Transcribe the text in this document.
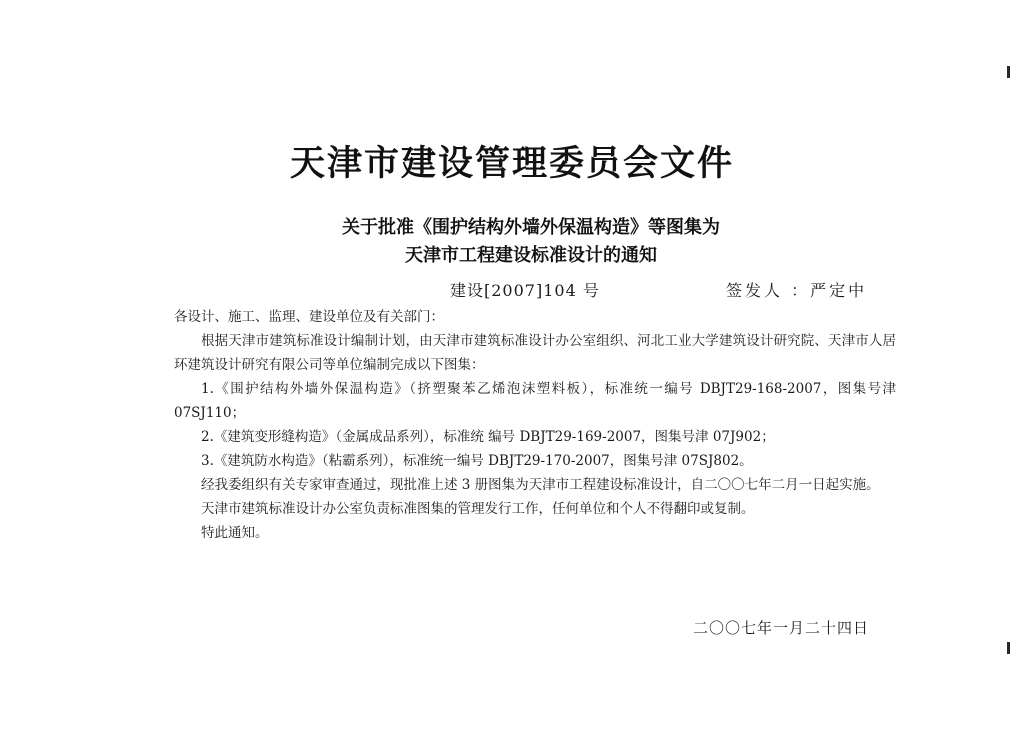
天津市建设管理委员会文件
关于批准《围护结构外墙外保温构造》等图集为
天津市工程建设标准设计的通知
建设[2007]104 号	签发人 ：严定中

各设计、施工、监理、建设单位及有关部门：

根据天津市建筑标准设计编制计划，由天津市建筑标准设计办公室组织、河北工业大学建筑设计研究院、天津市人居环建筑设计研究有限公司等单位编制完成以下图集：

1.《围护结构外墙外保温构造》（挤塑聚苯乙烯泡沫塑料板），标准统一编号 DBJT29-168-2007，图集号津 07SJ110；

2.《建筑变形缝构造》（金属成品系列），标准统 编号 DBJT29-169-2007，图集号津 07J902；

3.《建筑防水构造》（粘霸系列），标准统一编号 DBJT29-170-2007，图集号津 07SJ802。

经我委组织有关专家审查通过，现批准上述 3 册图集为天津市工程建设标准设计，自二〇〇七年二月一日起实施。

天津市建筑标准设计办公室负责标准图集的管理发行工作，任何单位和个人不得翻印或复制。

特此通知。

二〇〇七年一月二十四日
